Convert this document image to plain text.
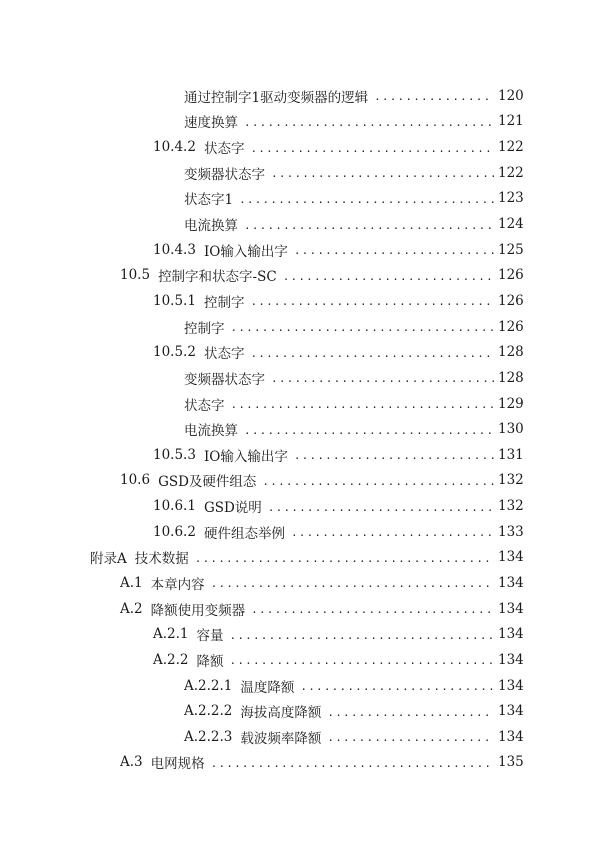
通过控制字1驱动变频器的逻辑 .....	120
速度换算 .....	121
10.4.2 状态字 .....	122
变频器状态字 .....	122
状态字1 .....	123
电流换算 .....	124
10.4.3 IO输入输出字 .....	125
10.5 控制字和状态字-SC .....	126
10.5.1 控制字 .....	126
控制字 .....	126
10.5.2 状态字 .....	128
变频器状态字 .....	128
状态字 .....	129
电流换算 .....	130
10.5.3 IO输入输出字 .....	131
10.6 GSD及硬件组态 .....	132
10.6.1 GSD说明 .....	132
10.6.2 硬件组态举例 .....	133
附录A 技术数据 .....	134
A.1 本章内容 .....	134
A.2 降额使用变频器 .....	134
A.2.1 容量 .....	134
A.2.2 降额 .....	134
A.2.2.1 温度降额 .....	134
A.2.2.2 海拔高度降额 .....	134
A.2.2.3 载波频率降额 .....	134
A.3 电网规格 .....	135
